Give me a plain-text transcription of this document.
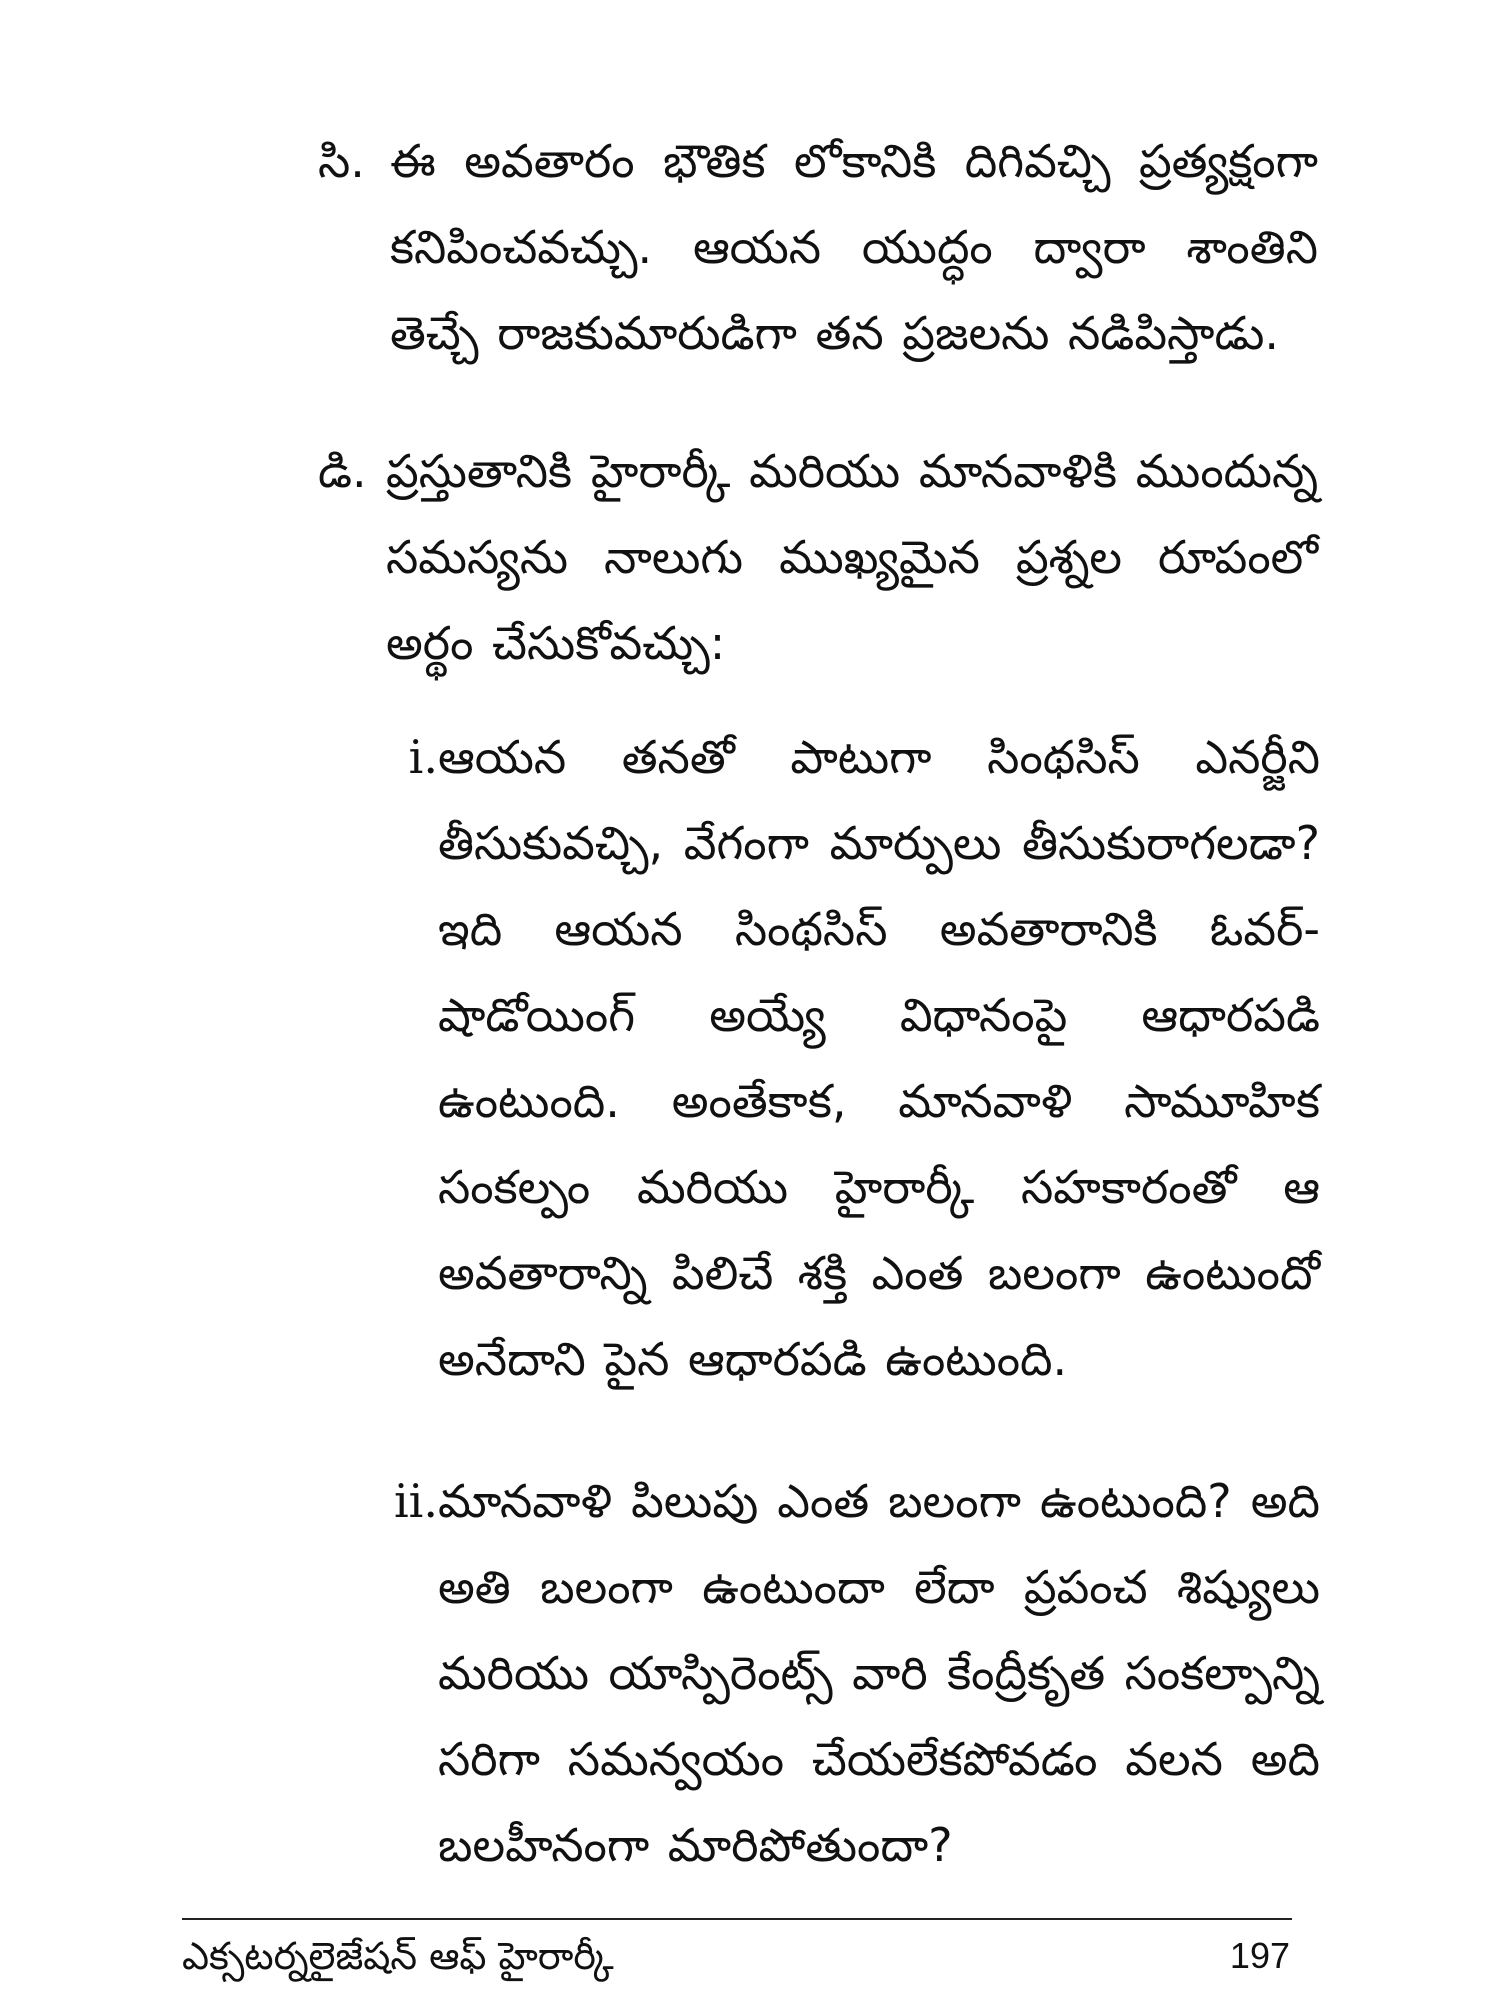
సి. ఈ అవతారం భౌతిక లోకానికి దిగివచ్చి ప్రత్యక్షంగా కనిపించవచ్చు. ఆయన యుద్ధం ద్వారా శాంతిని తెచ్చే రాజకుమారుడిగా తన ప్రజలను నడిపిస్తాడు.
డి. ప్రస్తుతానికి హైరార్కీ మరియు మానవాళికి ముందున్న సమస్యను నాలుగు ముఖ్యమైన ప్రశ్నల రూపంలో అర్థం చేసుకోవచ్చు:
i. ఆయన తనతో పాటుగా సింథసిస్ ఎనర్జీని తీసుకువచ్చి, వేగంగా మార్పులు తీసుకురాగలడా? ఇది ఆయన సింథసిస్ అవతారానికి ఓవర్-షాడోయింగ్ అయ్యే విధానంపై ఆధారపడి ఉంటుంది. అంతేకాక, మానవాళి సామూహిక సంకల్పం మరియు హైరార్కీ సహకారంతో ఆ అవతారాన్ని పిలిచే శక్తి ఎంత బలంగా ఉంటుందో అనేదాని పైన ఆధారపడి ఉంటుంది.
ii. మానవాళి పిలుపు ఎంత బలంగా ఉంటుంది? అది అతి బలంగా ఉంటుందా లేదా ప్రపంచ శిష్యులు మరియు యాస్పిరెంట్స్ వారి కేంద్రీకృత సంకల్పాన్ని సరిగా సమన్వయం చేయలేకపోవడం వలన అది బలహీనంగా మారిపోతుందా?
ఎక్సటర్నలైజేషన్ ఆఫ్ హైరార్కీ	197
